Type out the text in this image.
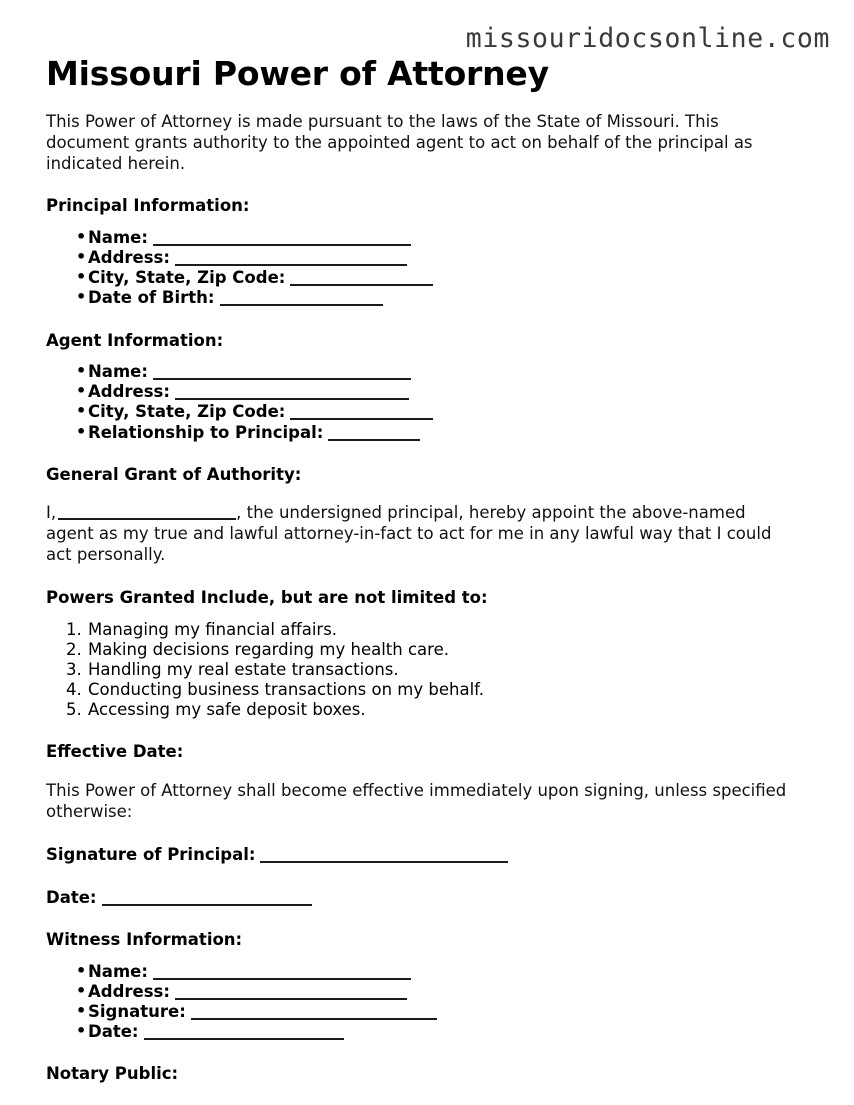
missouridocsonline.com
Missouri Power of Attorney

This Power of Attorney is made pursuant to the laws of the State of Missouri. This document grants authority to the appointed agent to act on behalf of the principal as indicated herein.

Principal Information:
• Name:
• Address:
• City, State, Zip Code:
• Date of Birth:
Agent Information:
• Name:
• Address:
• City, State, Zip Code:
• Relationship to Principal:
General Grant of Authority:

I,	, the undersigned principal, hereby appoint the above-named agent as my true and lawful attorney-in-fact to act for me in any lawful way that I could act personally.

Powers Granted Include, but are not limited to:
Managing my financial affairs.
Making decisions regarding my health care.
Handling my real estate transactions.
Conducting business transactions on my behalf.
Accessing my safe deposit boxes.
Effective Date:

This Power of Attorney shall become effective immediately upon signing, unless specified otherwise:

Signature of Principal:
Date:
Witness Information:
• Name:
• Address:
• Signature:
• Date:
Notary Public:
